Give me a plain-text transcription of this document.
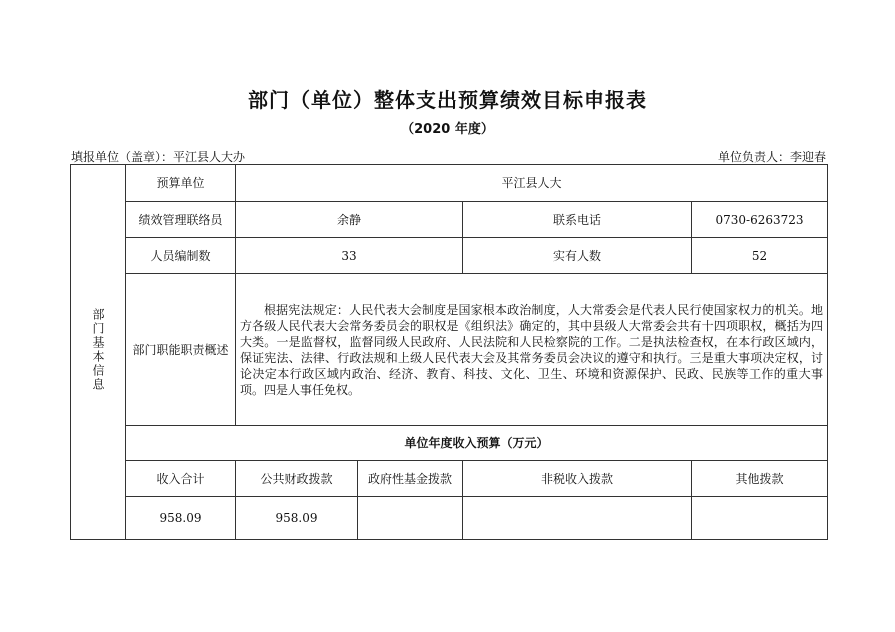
部门（单位）整体支出预算绩效目标申报表
（2020 年度）
填报单位（盖章）：平江县人大办	单位负责人：李迎春
部门基本信息	预算单位	平江县人大			
	绩效管理联络员	余静		联系电话	0730-6263723
	人员编制数	33		实有人数	52
	部门职能职责概述	根据宪法规定：人民代表大会制度是国家根本政治制度，人大常委会是代表人民行使国家权力的机关。地方各级人民代表大会常务委员会的职权是《组织法》确定的，其中县级人大常委会共有十四项职权，概括为四大类。一是监督权，监督同级人民政府、人民法院和人民检察院的工作。二是执法检查权，在本行政区域内，保证宪法、法律、行政法规和上级人民代表大会及其常务委员会决议的遵守和执行。三是重大事项决定权，讨论决定本行政区域内政治、经济、教育、科技、文化、卫生、环境和资源保护、民政、民族等工作的重大事项。四是人事任免权。			

	单位年度收入预算（万元）				
	收入合计	公共财政拨款	政府性基金拨款	非税收入拨款	其他拨款
	958.09	958.09			
